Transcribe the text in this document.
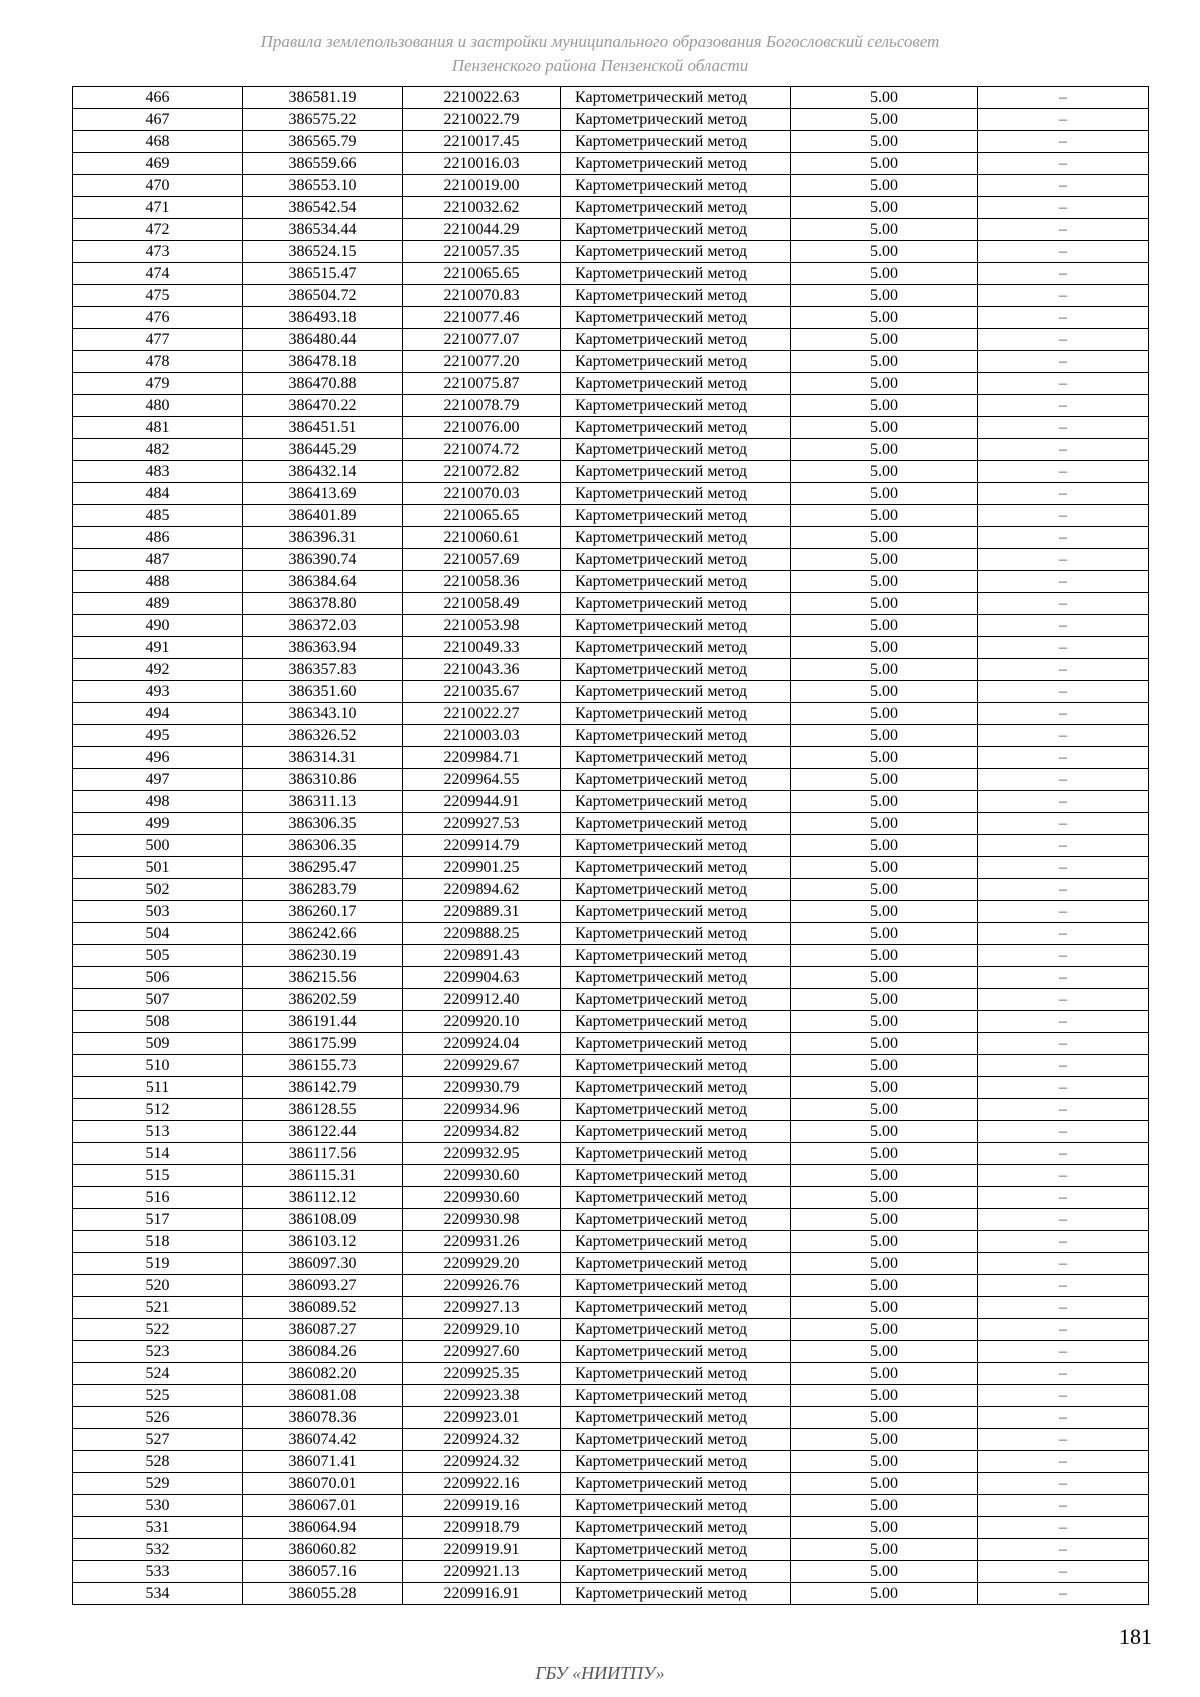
Правила землепользования и застройки муниципального образования Богословский сельсовет
Пензенского района Пензенской области
466	386581.19	2210022.63	Картометрический метод	5.00	–
467	386575.22	2210022.79	Картометрический метод	5.00	–
468	386565.79	2210017.45	Картометрический метод	5.00	–
469	386559.66	2210016.03	Картометрический метод	5.00	–
470	386553.10	2210019.00	Картометрический метод	5.00	–
471	386542.54	2210032.62	Картометрический метод	5.00	–
472	386534.44	2210044.29	Картометрический метод	5.00	–
473	386524.15	2210057.35	Картометрический метод	5.00	–
474	386515.47	2210065.65	Картометрический метод	5.00	–
475	386504.72	2210070.83	Картометрический метод	5.00	–
476	386493.18	2210077.46	Картометрический метод	5.00	–
477	386480.44	2210077.07	Картометрический метод	5.00	–
478	386478.18	2210077.20	Картометрический метод	5.00	–
479	386470.88	2210075.87	Картометрический метод	5.00	–
480	386470.22	2210078.79	Картометрический метод	5.00	–
481	386451.51	2210076.00	Картометрический метод	5.00	–
482	386445.29	2210074.72	Картометрический метод	5.00	–
483	386432.14	2210072.82	Картометрический метод	5.00	–
484	386413.69	2210070.03	Картометрический метод	5.00	–
485	386401.89	2210065.65	Картометрический метод	5.00	–
486	386396.31	2210060.61	Картометрический метод	5.00	–
487	386390.74	2210057.69	Картометрический метод	5.00	–
488	386384.64	2210058.36	Картометрический метод	5.00	–
489	386378.80	2210058.49	Картометрический метод	5.00	–
490	386372.03	2210053.98	Картометрический метод	5.00	–
491	386363.94	2210049.33	Картометрический метод	5.00	–
492	386357.83	2210043.36	Картометрический метод	5.00	–
493	386351.60	2210035.67	Картометрический метод	5.00	–
494	386343.10	2210022.27	Картометрический метод	5.00	–
495	386326.52	2210003.03	Картометрический метод	5.00	–
496	386314.31	2209984.71	Картометрический метод	5.00	–
497	386310.86	2209964.55	Картометрический метод	5.00	–
498	386311.13	2209944.91	Картометрический метод	5.00	–
499	386306.35	2209927.53	Картометрический метод	5.00	–
500	386306.35	2209914.79	Картометрический метод	5.00	–
501	386295.47	2209901.25	Картометрический метод	5.00	–
502	386283.79	2209894.62	Картометрический метод	5.00	–
503	386260.17	2209889.31	Картометрический метод	5.00	–
504	386242.66	2209888.25	Картометрический метод	5.00	–
505	386230.19	2209891.43	Картометрический метод	5.00	–
506	386215.56	2209904.63	Картометрический метод	5.00	–
507	386202.59	2209912.40	Картометрический метод	5.00	–
508	386191.44	2209920.10	Картометрический метод	5.00	–
509	386175.99	2209924.04	Картометрический метод	5.00	–
510	386155.73	2209929.67	Картометрический метод	5.00	–
511	386142.79	2209930.79	Картометрический метод	5.00	–
512	386128.55	2209934.96	Картометрический метод	5.00	–
513	386122.44	2209934.82	Картометрический метод	5.00	–
514	386117.56	2209932.95	Картометрический метод	5.00	–
515	386115.31	2209930.60	Картометрический метод	5.00	–
516	386112.12	2209930.60	Картометрический метод	5.00	–
517	386108.09	2209930.98	Картометрический метод	5.00	–
518	386103.12	2209931.26	Картометрический метод	5.00	–
519	386097.30	2209929.20	Картометрический метод	5.00	–
520	386093.27	2209926.76	Картометрический метод	5.00	–
521	386089.52	2209927.13	Картометрический метод	5.00	–
522	386087.27	2209929.10	Картометрический метод	5.00	–
523	386084.26	2209927.60	Картометрический метод	5.00	–
524	386082.20	2209925.35	Картометрический метод	5.00	–
525	386081.08	2209923.38	Картометрический метод	5.00	–
526	386078.36	2209923.01	Картометрический метод	5.00	–
527	386074.42	2209924.32	Картометрический метод	5.00	–
528	386071.41	2209924.32	Картометрический метод	5.00	–
529	386070.01	2209922.16	Картометрический метод	5.00	–
530	386067.01	2209919.16	Картометрический метод	5.00	–
531	386064.94	2209918.79	Картометрический метод	5.00	–
532	386060.82	2209919.91	Картометрический метод	5.00	–
533	386057.16	2209921.13	Картометрический метод	5.00	–
534	386055.28	2209916.91	Картометрический метод	5.00	–
181
ГБУ «НИИТПУ»
